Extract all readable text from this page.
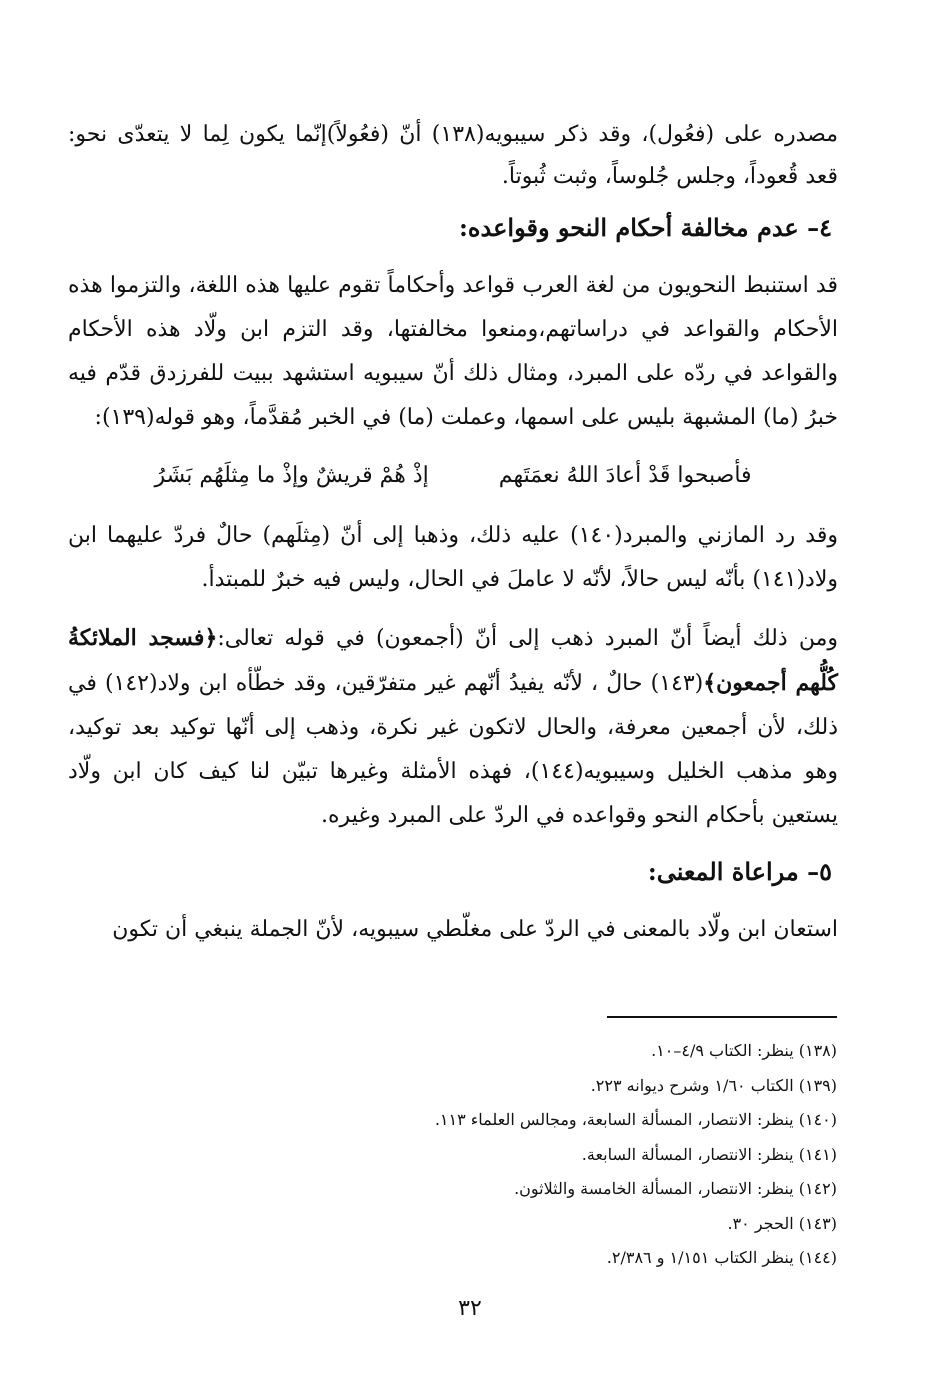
مصدره على (فعُول)، وقد ذكر سيبويه(١٣٨) أنّ (فعُولاً)إنّما يكون لِما لا يتعدّى نحو: قعد قُعوداً، وجلس جُلوساً، وثبت ثُبوتاً.

٤– عدم مخالفة أحكام النحو وقواعده:

قد استنبط النحويون من لغة العرب قواعد وأحكاماً تقوم عليها هذه اللغة، والتزموا هذه الأحكام والقواعد في دراساتهم،ومنعوا مخالفتها، وقد التزم ابن ولّاد هذه الأحكام والقواعد في ردّه على المبرد، ومثال ذلك أنّ سيبويه استشهد ببيت للفرزدق قدّم فيه خبرُ (ما) المشبهة بليس على اسمها، وعملت (ما) في الخبر مُقدَّماً، وهو قوله(١٣٩):

فأصبحوا قَدْ أعادَ اللهُ نعمَتَهم
إذْ هُمْ قريشٌ وإذْ ما مِثلَهُم بَشَرُ

وقد رد المازني والمبرد(١٤٠) عليه ذلك، وذهبا إلى أنّ (مِثلَهم) حالٌ فردّ عليهما ابن ولاد(١٤١) بأنّه ليس حالاً، لأنّه لا عاملَ في الحال، وليس فيه خبرٌ للمبتدأ.

ومن ذلك أيضاً أنّ المبرد ذهب إلى أنّ (أجمعون) في قوله تعالى:﴿فسجد الملائكةُ كُلُّهم أجمعون﴾(١٤٣) حالٌ ، لأنّه يفيدُ أنّهم غير متفرّقين، وقد خطّأه ابن ولاد(١٤٢) في ذلك، لأن أجمعين معرفة، والحال لاتكون غير نكرة، وذهب إلى أنّها توكيد بعد توكيد، وهو مذهب الخليل وسيبويه(١٤٤)، فهذه الأمثلة وغيرها تبيّن لنا كيف كان ابن ولّاد يستعين بأحكام النحو وقواعده في الردّ على المبرد وغيره.

٥– مراعاة المعنى:

استعان ابن ولّاد بالمعنى في الردّ على مغلّطي سيبويه، لأنّ الجملة ينبغي أن تكون

(١٣٨) ينظر: الكتاب ٤/٩–١٠.
(١٣٩) الكتاب ١/٦٠ وشرح ديوانه ٢٢٣.
(١٤٠) ينظر: الانتصار، المسألة السابعة، ومجالس العلماء ١١٣.
(١٤١) ينظر: الانتصار، المسألة السابعة.
(١٤٢) ينظر: الانتصار، المسألة الخامسة والثلاثون.
(١٤٣) الحجر ٣٠.
(١٤٤) ينظر الكتاب ١/١٥١ و ٢/٣٨٦.
٣٢
